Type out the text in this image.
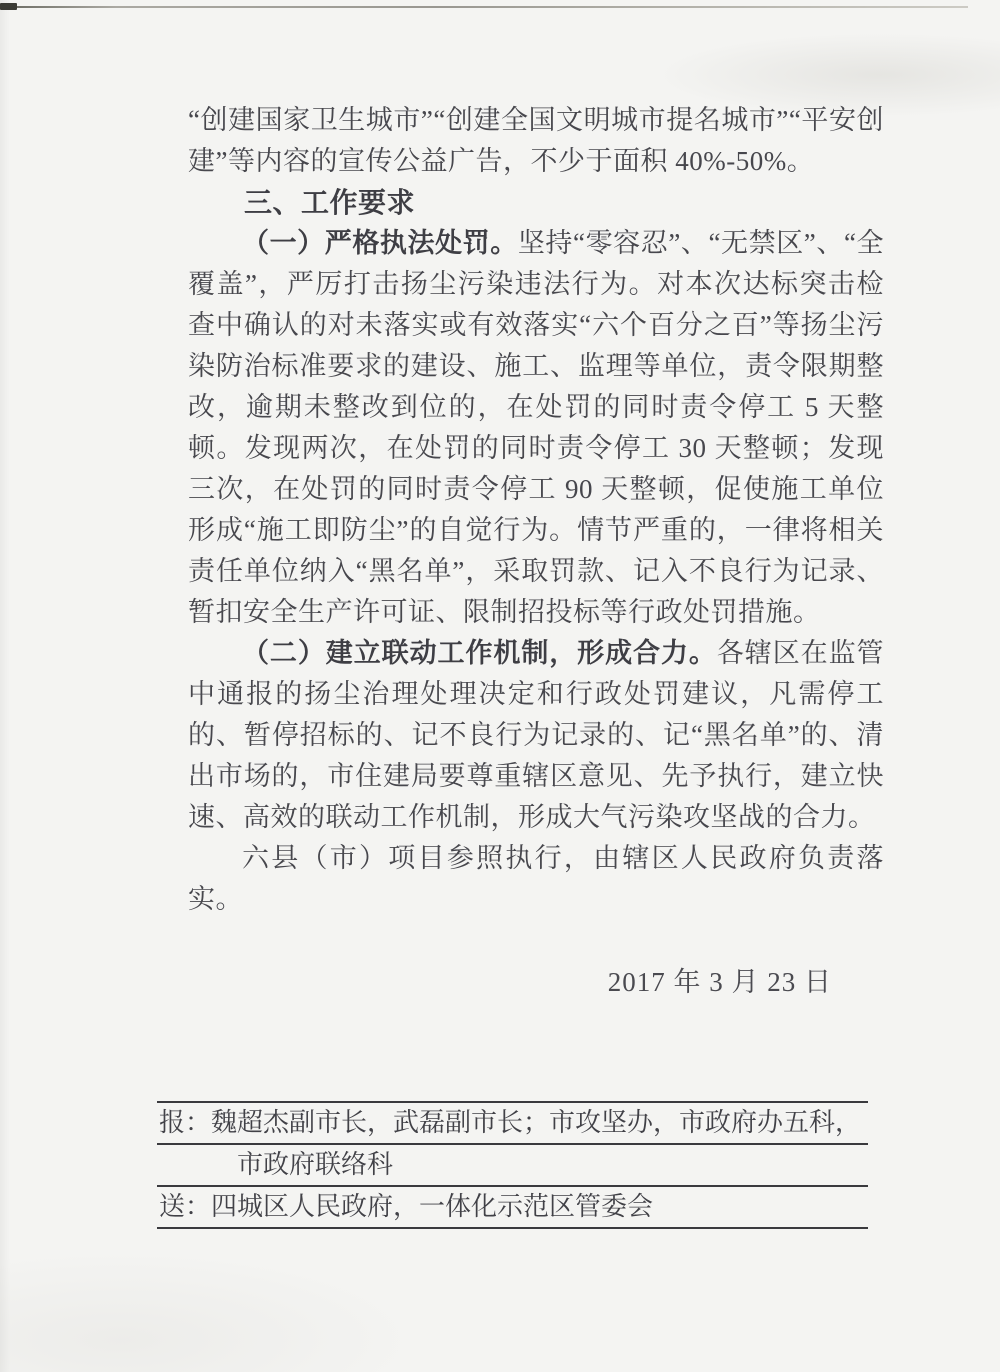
“创建国家卫生城市”“创建全国文明城市提名城市”“平安创建”等内容的宣传公益广告，不少于面积 40%-50%。

三、工作要求

（一）严格执法处罚。坚持“零容忍”、“无禁区”、“全覆盖”，严厉打击扬尘污染违法行为。对本次达标突击检查中确认的对未落实或有效落实“六个百分之百”等扬尘污染防治标准要求的建设、施工、监理等单位，责令限期整改，逾期未整改到位的，在处罚的同时责令停工 5 天整顿。发现两次，在处罚的同时责令停工 30 天整顿；发现三次，在处罚的同时责令停工 90 天整顿，促使施工单位形成“施工即防尘”的自觉行为。情节严重的，一律将相关责任单位纳入“黑名单”，采取罚款、记入不良行为记录、暂扣安全生产许可证、限制招投标等行政处罚措施。

（二）建立联动工作机制，形成合力。各辖区在监管中通报的扬尘治理处理决定和行政处罚建议，凡需停工的、暂停招标的、记不良行为记录的、记“黑名单”的、清出市场的，市住建局要尊重辖区意见、先予执行，建立快速、高效的联动工作机制，形成大气污染攻坚战的合力。

六县（市）项目参照执行，由辖区人民政府负责落实。

2017 年 3 月 23 日
报：魏超杰副市长，武磊副市长；市攻坚办，市政府办五科，
市政府联络科
送：四城区人民政府，一体化示范区管委会
